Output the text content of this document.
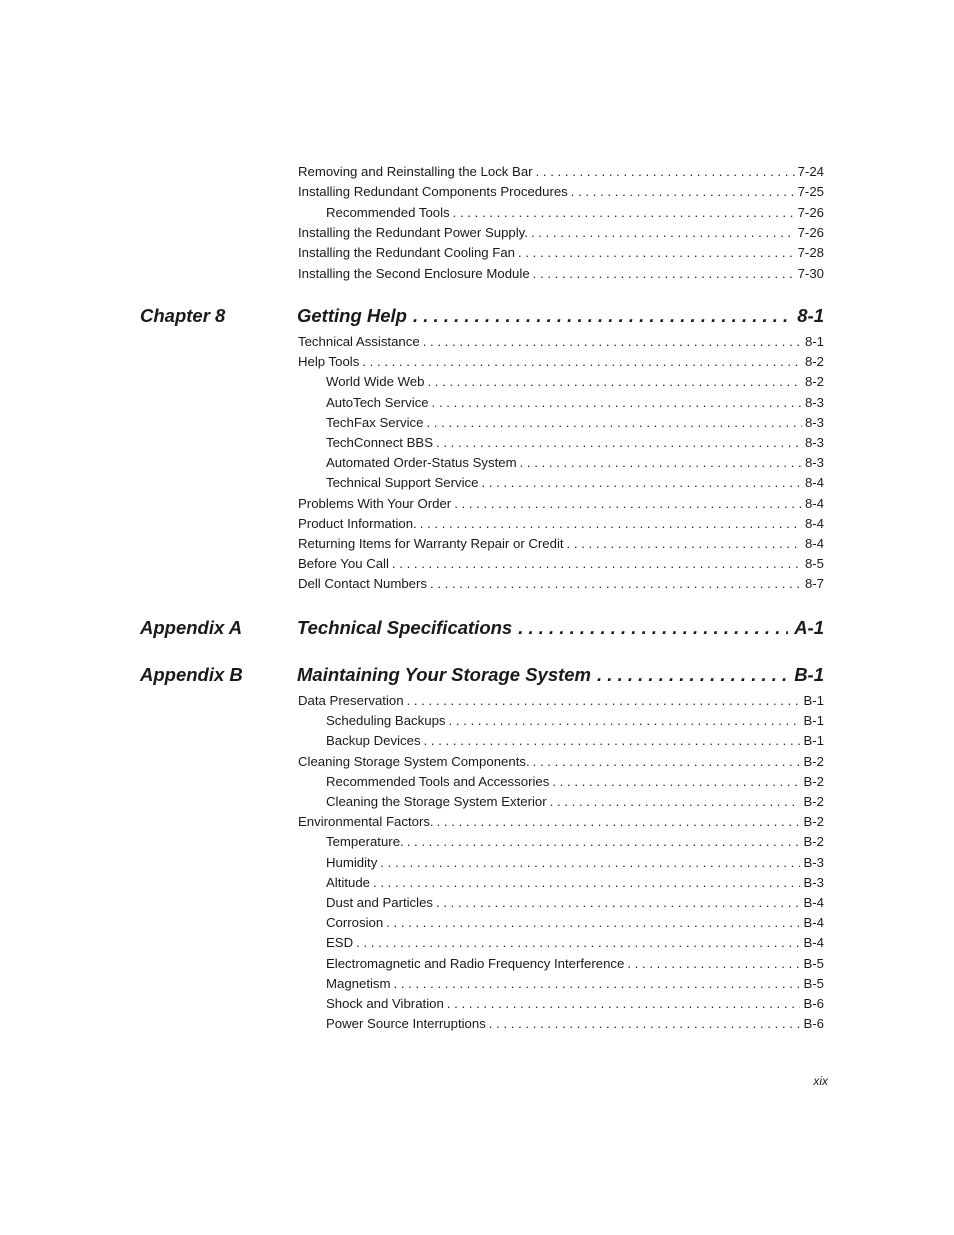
Chapter 8	Getting Help . . .	8-1
Appendix A	Technical Specifications . . .	A-1
Appendix B	Maintaining Your Storage System . . .	B-1
xix
Removing and Reinstalling the Lock Bar . . .	7-24
Installing Redundant Components Procedures . . .	7-25
Recommended Tools . . .	7-26
Installing the Redundant Power Supply. . . .	7-26
Installing the Redundant Cooling Fan . . .	7-28
Installing the Second Enclosure Module . . .	7-30
Technical Assistance . . .	8-1
Help Tools . . .	8-2
World Wide Web . . .	8-2
AutoTech Service . . .	8-3
TechFax Service . . .	8-3
TechConnect BBS . . .	8-3
Automated Order-Status System . . .	8-3
Technical Support Service . . .	8-4
Problems With Your Order . . .	8-4
Product Information. . . .	8-4
Returning Items for Warranty Repair or Credit . . .	8-4
Before You Call . . .	8-5
Dell Contact Numbers . . .	8-7
Data Preservation . . .	B-1
Scheduling Backups . . .	B-1
Backup Devices . . .	B-1
Cleaning Storage System Components. . . .	B-2
Recommended Tools and Accessories . . .	B-2
Cleaning the Storage System Exterior . . .	B-2
Environmental Factors. . . .	B-2
Temperature. . . .	B-2
Humidity . . .	B-3
Altitude . . .	B-3
Dust and Particles . . .	B-4
Corrosion . . .	B-4
ESD . . .	B-4
Electromagnetic and Radio Frequency Interference . . .	B-5
Magnetism . . .	B-5
Shock and Vibration . . .	B-6
Power Source Interruptions . . .	B-6
